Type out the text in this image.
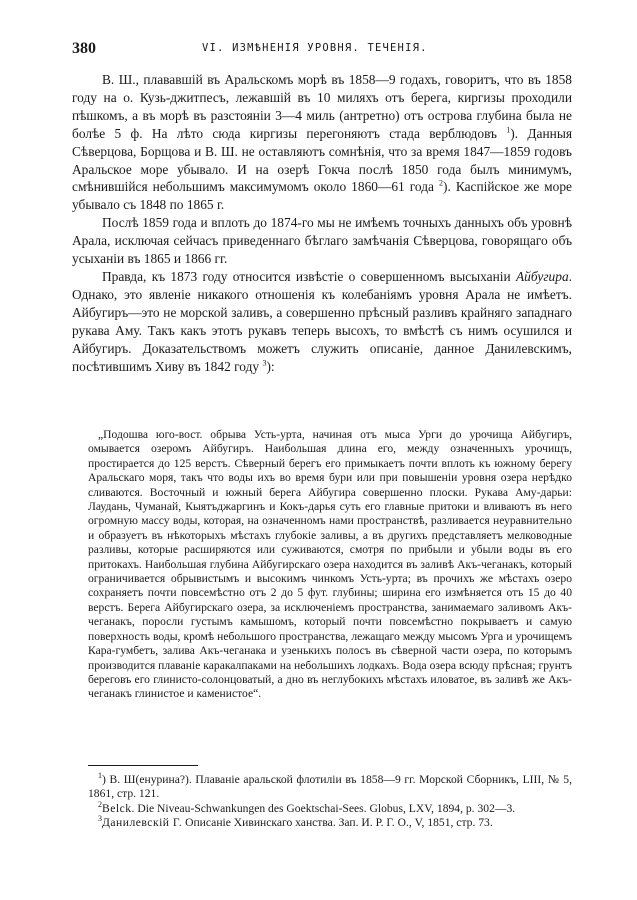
380	VI. ИЗМѢНЕНІЯ УРОВНЯ. ТЕЧЕНІЯ.

В. Ш., плававшій въ Аральскомъ морѣ въ 1858—9 годахъ, говоритъ, что въ 1858 году на о. Кузь-джитпесъ, лежавшій въ 10 миляхъ отъ берега, киргизы проходили пѣшкомъ, а въ морѣ въ разстояніи 3—4 миль (антретно) отъ острова глубина была не болѣе 5 ф. На лѣто сюда киргизы перегоняютъ стада верблюдовъ $^1$). Данныя Сѣверцова, Борщова и В. Ш. не оставляютъ сомнѣнія, что за время 1847—1859 годовъ Аральское море убывало. И на озерѣ Гокча послѣ 1850 года былъ минимумъ, смѣнившійся небольшимъ максимумомъ около 1860—61 года $^2$). Каспійское же море убывало съ 1848 по 1865 г.

Послѣ 1859 года и вплоть до 1874-го мы не имѣемъ точныхъ данныхъ объ уровнѣ Арала, исключая сейчасъ приведеннаго бѣглаго замѣчанія Сѣверцова, говорящаго объ усыханіи въ 1865 и 1866 гг.

Правда, къ 1873 году относится извѣстіе о совершенномъ высыханіи Айбугира. Однако, это явленіе никакого отношенія къ колебаніямъ уровня Арала не имѣетъ. Айбугиръ—это не морской заливъ, а совершенно прѣсный разливъ крайняго западнаго рукава Аму. Такъ какъ этотъ рукавъ теперь высохъ, то вмѣстѣ съ нимъ осушился и Айбугиръ. Доказательствомъ можетъ служить описаніе, данное Данилевскимъ, посѣтившимъ Хиву въ 1842 году $^3$):

„Подошва юго-вост. обрыва Усть-урта, начиная отъ мыса Урги до урочища Айбугиръ, омывается озеромъ Айбугиръ. Наибольшая длина его, между означенныхъ урочищъ, простирается до 125 верстъ. Сѣверный берегъ его примыкаетъ почти вплоть къ южному берегу Аральскаго моря, такъ что воды ихъ во время бури или при повышеніи уровня озера нерѣдко сливаются. Восточный и южный берега Айбугира совершенно плоски. Рукава Аму-дарьи: Лаудань, Чуманай, Кыятъджаргинъ и Кокъ-дарья суть его главные притоки и вливаютъ въ него огромную массу воды, которая, на означенномъ нами пространствѣ, разливается неуравнительно и образуетъ въ нѣкоторыхъ мѣстахъ глубокіе заливы, а въ другихъ представляетъ мелководные разливы, которые расширяются или суживаются, смотря по прибыли и убыли воды въ его притокахъ. Наибольшая глубина Айбугирскаго озера находится въ заливѣ Акъ-чеганакъ, который ограничивается обрывистымъ и высокимъ чинкомъ Усть-урта; въ прочихъ же мѣстахъ озеро сохраняетъ почти повсемѣстно отъ 2 до 5 фут. глубины; ширина его измѣняется отъ 15 до 40 верстъ. Берега Айбугирскаго озера, за исключеніемъ пространства, занимаемаго заливомъ Акъ-чеганакъ, поросли густымъ камышомъ, который почти повсемѣстно покрываетъ и самую поверхность воды, кромѣ небольшого пространства, лежащаго между мысомъ Урга и урочищемъ Кара-гумбетъ, залива Акъ-чеганака и узенькихъ полосъ въ сѣверной части озера, по которымъ производится плаваніе каракалпаками на небольшихъ лодкахъ. Вода озера всюду прѣсная; грунтъ береговъ его глинисто-солонцоватый, а дно въ неглубокихъ мѣстахъ иловатое, въ заливѣ же Акъ-чеганакъ глинистое и каменистое“.

$^1$) В. Ш(енурина?). Плаваніе аральской флотиліи въ 1858—9 гг. Морской Сборникъ, LIII, № 5, 1861, стр. 121.

$^2$Belck. Die Niveau-Schwankungen des Goektschai-Sees. Globus, LXV, 1894, p. 302—3.

$^3$Данилевскій Г. Описаніе Хивинскаго ханства. Зап. И. Р. Г. О., V, 1851, стр. 73.
